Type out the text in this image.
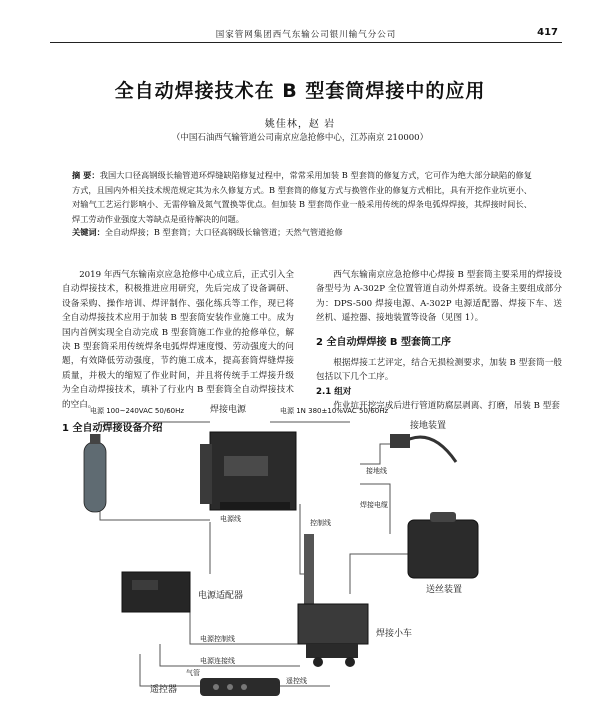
国家管网集团西气东输公司银川输气分公司	417
全自动焊接技术在 B 型套筒焊接中的应用
姚佳林，赵 岩
（中国石油西气输管道公司南京应急抢修中心，江苏南京 210000）
摘 要：我国大口径高钢级长输管道环焊缝缺陷修复过程中，常常采用加装 B 型套筒的修复方式，它可作为绝大部分缺陷的修复方式，且国内外相关技术规范规定其为永久修复方式。B 型套筒的修复方式与换管作业的修复方式相比，具有开挖作业坑更小、对输气工艺运行影响小、无需停输及氮气置换等优点。但加装 B 型套筒作业一般采用传统的焊条电弧焊焊接，其焊接时间长、焊工劳动作业强度大等缺点是亟待解决的问题。
关键词：全自动焊接；B 型套筒；大口径高钢级长输管道；天然气管道抢修

2019 年西气东输南京应急抢修中心成立后，正式引入全自动焊接技术，积极推进应用研究，先后完成了设备调研、设备采购、操作培训、焊评制作、强化练兵等工作，现已将全自动焊接技术应用于加装 B 型套筒安装作业施工中。成为国内首例实现全自动完成 B 型套筒施工作业的抢修单位，解决 B 型套筒采用传统焊条电弧焊焊速度慢、劳动强度大的问题，有效降低劳动强度，节约施工成本，提高套筒焊缝焊接质量，并极大的缩短了作业时间，并且将传统手工焊接升级为全自动焊接技术，填补了行业内 B 型套筒全自动焊接技术的空白。

1 全自动焊接设备介绍

西气东输南京应急抢修中心焊接 B 型套筒主要采用的焊接设备型号为 A-302P 全位置管道自动外焊系统。设备主要组成部分为：DPS-500 焊接电源、A-302P 电源适配器、焊接下车、送丝机、遥控器、接地装置等设备（见图 1）。

2 全自动焊焊接 B 型套筒工序

根据焊接工艺评定，结合无损检测要求，加装 B 型套筒一般包括以下几个工序。

2.1 组对

作业坑开挖完成后进行管道防腐层剥离、打磨，吊装 B 型套

电源 100~240VAC 50/60Hz	焊接电源	电源 1N 380±10%VAC 50/60Hz
接地装置
电源适配器
送丝装置
焊接小车
遥控器
电源线	控制线
接地线
焊接电缆
电源控制线
电源连接线
气管
遥控线
